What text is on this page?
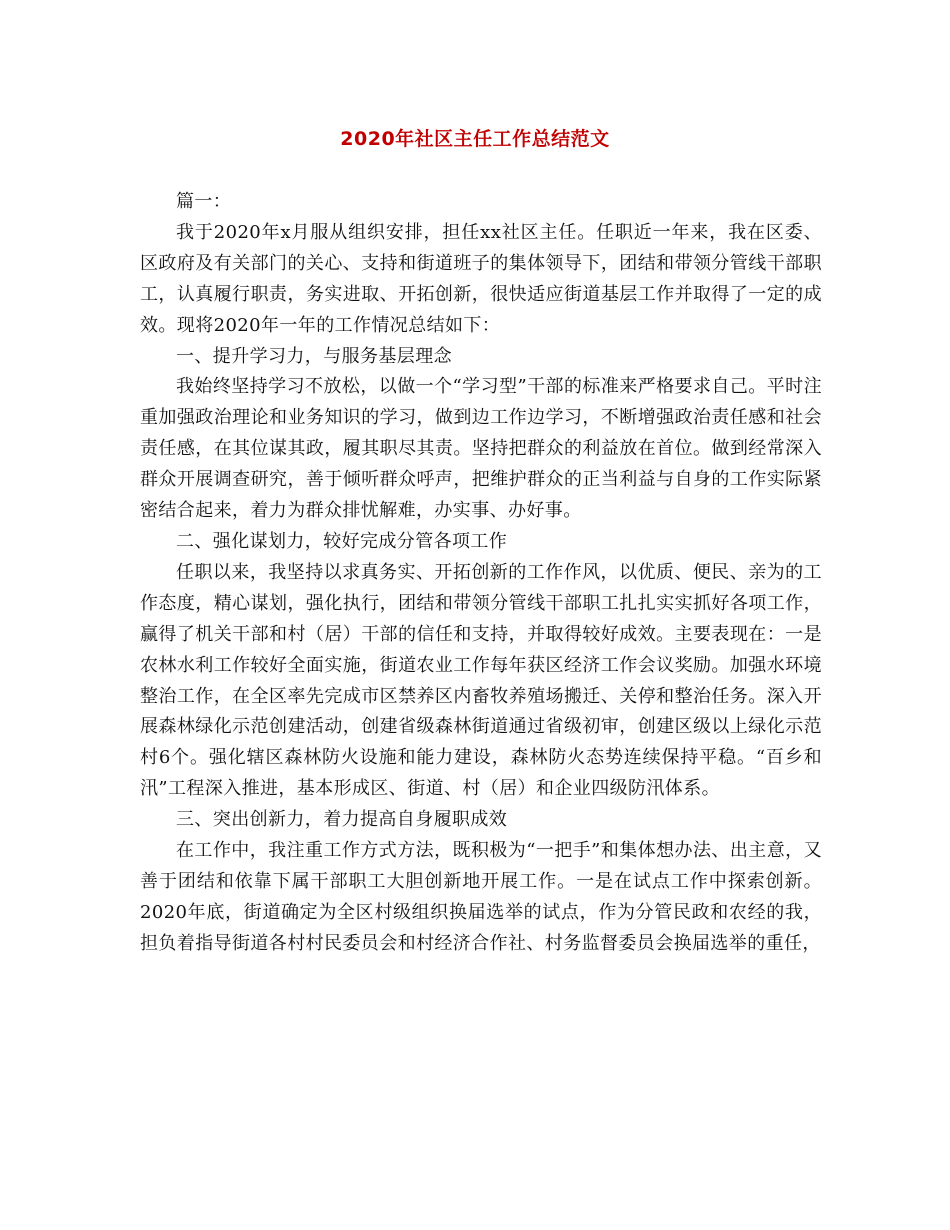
2020年社区主任工作总结范文

篇一：

我于2020年x月服从组织安排，担任xx社区主任。任职近一年来，我在区委、区政府及有关部门的关心、支持和街道班子的集体领导下，团结和带领分管线干部职工，认真履行职责，务实进取、开拓创新，很快适应街道基层工作并取得了一定的成效。现将2020年一年的工作情况总结如下：

一、提升学习力，与服务基层理念

我始终坚持学习不放松，以做一个“学习型”干部的标准来严格要求自己。平时注重加强政治理论和业务知识的学习，做到边工作边学习，不断增强政治责任感和社会责任感，在其位谋其政，履其职尽其责。坚持把群众的利益放在首位。做到经常深入群众开展调查研究，善于倾听群众呼声，把维护群众的正当利益与自身的工作实际紧密结合起来，着力为群众排忧解难，办实事、办好事。

二、强化谋划力，较好完成分管各项工作

任职以来，我坚持以求真务实、开拓创新的工作作风，以优质、便民、亲为的工作态度，精心谋划，强化执行，团结和带领分管线干部职工扎扎实实抓好各项工作，赢得了机关干部和村（居）干部的信任和支持，并取得较好成效。主要表现在：一是农林水利工作较好全面实施，街道农业工作每年获区经济工作会议奖励。加强水环境整治工作，在全区率先完成市区禁养区内畜牧养殖场搬迁、关停和整治任务。深入开展森林绿化示范创建活动，创建省级森林街道通过省级初审，创建区级以上绿化示范村6个。强化辖区森林防火设施和能力建设，森林防火态势连续保持平稳。“百乡和汛”工程深入推进，基本形成区、街道、村（居）和企业四级防汛体系。

三、突出创新力，着力提高自身履职成效

在工作中，我注重工作方式方法，既积极为“一把手”和集体想办法、出主意，又善于团结和依靠下属干部职工大胆创新地开展工作。一是在试点工作中探索创新。2020年底，街道确定为全区村级组织换届选举的试点，作为分管民政和农经的我，担负着指导街道各村村民委员会和村经济合作社、村务监督委员会换届选举的重任，
